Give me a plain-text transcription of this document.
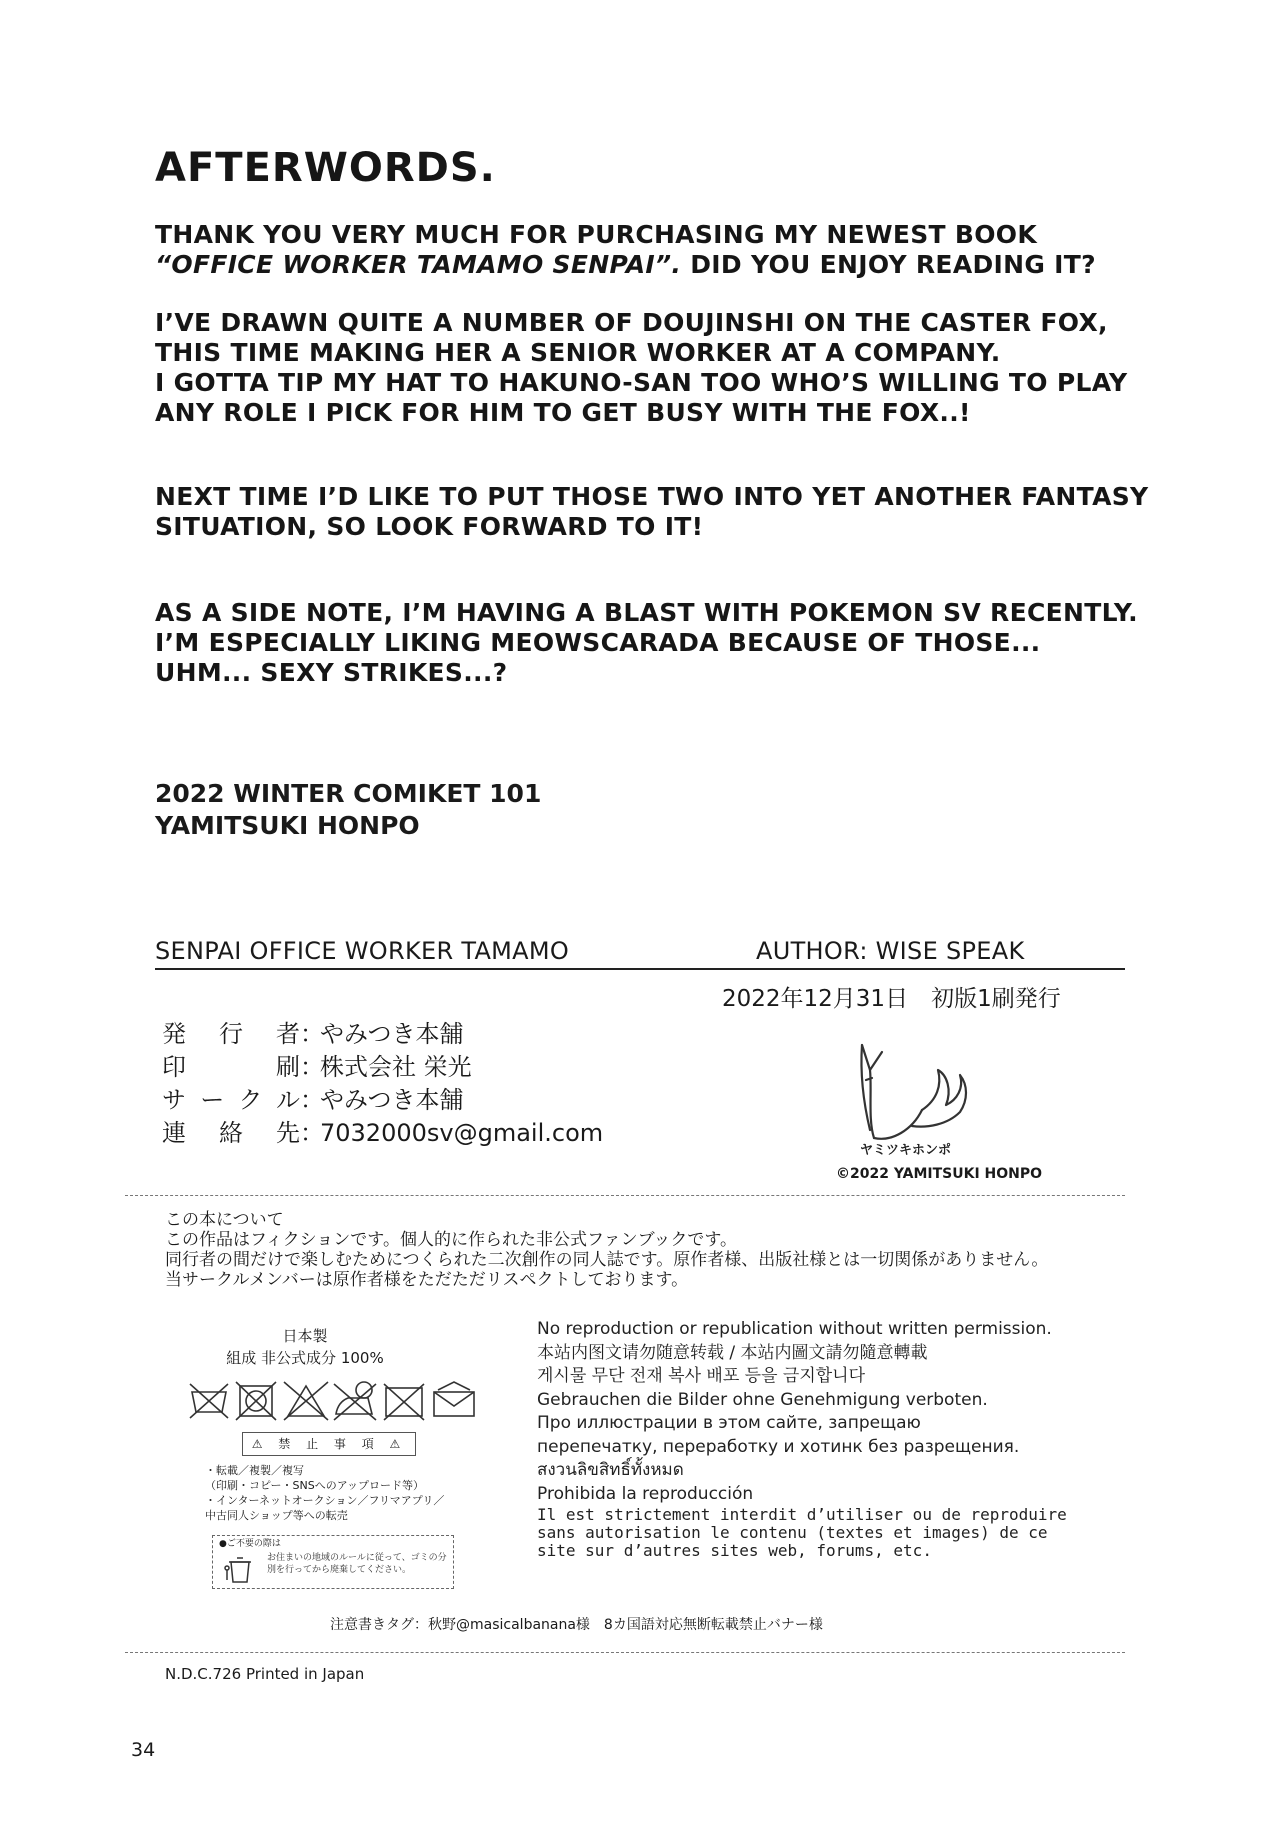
AFTERWORDS.
THANK YOU VERY MUCH FOR PURCHASING MY NEWEST BOOK
“OFFICE WORKER TAMAMO SENPAI”. DID YOU ENJOY READING IT?
I’VE DRAWN QUITE A NUMBER OF DOUJINSHI ON THE CASTER FOX,
THIS TIME MAKING HER A SENIOR WORKER AT A COMPANY.
I GOTTA TIP MY HAT TO HAKUNO-SAN TOO WHO’S WILLING TO PLAY
ANY ROLE I PICK FOR HIM TO GET BUSY WITH THE FOX..!
NEXT TIME I’D LIKE TO PUT THOSE TWO INTO YET ANOTHER FANTASY
SITUATION, SO LOOK FORWARD TO IT!
AS A SIDE NOTE, I’M HAVING A BLAST WITH POKEMON SV RECENTLY.
I’M ESPECIALLY LIKING MEOWSCARADA BECAUSE OF THOSE...
UHM... SEXY STRIKES...?
2022 WINTER COMIKET 101
YAMITSUKI HONPO
SENPAI OFFICE WORKER TAMAMO	AUTHOR: WISE SPEAK
2022年12月31日　初版1刷発行
発行者 ：
やみつき本舗
印刷 ：
株式会社 栄光
サークル ：
やみつき本舗
連絡先 ：
7032000sv@gmail.com
ヤミツキホンポ
©2022 YAMITSUKI HONPO
この本について
この作品はフィクションです。個人的に作られた非公式ファンブックです。
同行者の間だけで楽しむためにつくられた二次創作の同人誌です。原作者様、出版社様とは一切関係がありません。
当サークルメンバーは原作者様をただただリスペクトしております。
日本製
組成 非公式成分 100%
⚠ 禁 止 事 項 ⚠
・転載／複製／複写
（印刷・コピー・SNSへのアップロード等）
・インターネットオークション／フリマアプリ／
中古同人ショップ等への転売
●ご不要の際は
お住まいの地域のルールに従って、ゴミの分別を行ってから廃棄してください。
No reproduction or republication without written permission.
本站内图文请勿随意转载 / 本站内圖文請勿隨意轉載
게시물 무단 전재 복사 배포 등을 금지합니다
Gebrauchen die Bilder ohne Genehmigung verboten.
Про иллюстрации в этом сайте, запрещаю
перепечатку, переработку и хотинк без разрещения.
สงวนลิขสิทธิ์ทั้งหมด
Prohibida la reproducción
Il est strictement interdit d’utiliser ou de reproduire
sans autorisation le contenu (textes et images) de ce
site sur d’autres sites web, forums, etc.
注意書きタグ：秋野@masicalbanana様　8カ国語対応無断転載禁止バナー様
N.D.C.726 Printed in Japan
34
